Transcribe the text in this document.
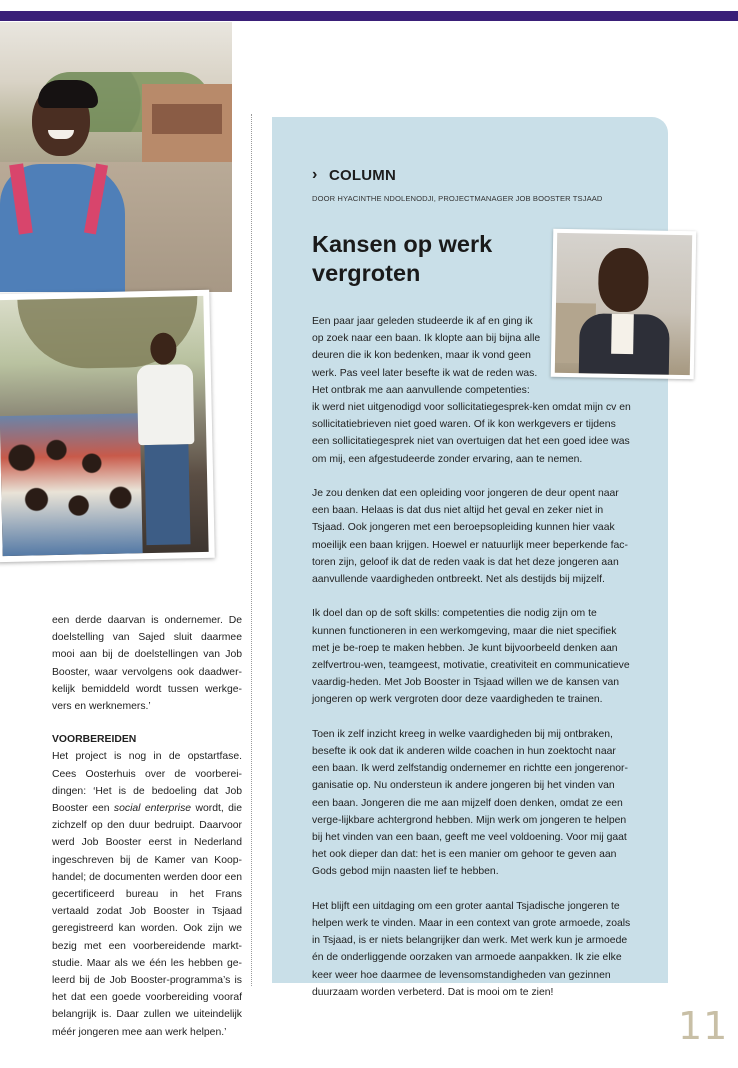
een derde daarvan is ondernemer. De doelstelling van Sajed sluit daarmee mooi aan bij de doelstellingen van Job Booster, waar vervolgens ook daadwer-kelijk bemiddeld wordt tussen werkge-vers en werknemers.’

VOORBEREIDEN

Het project is nog in de opstartfase. Cees Oosterhuis over de voorberei-dingen: ‘Het is de bedoeling dat Job Booster een social enterprise wordt, die zichzelf op den duur bedruipt. Daarvoor werd Job Booster eerst in Nederland ingeschreven bij de Kamer van Koop-handel; de documenten werden door een gecertificeerd bureau in het Frans vertaald zodat Job Booster in Tsjaad geregistreerd kan worden. Ook zijn we bezig met een voorbereidende markt-studie. Maar als we één les hebben ge-leerd bij de Job Booster-programma’s is het dat een goede voorbereiding vooraf belangrijk is. Daar zullen we uiteindelijk méér jongeren mee aan werk helpen.’

› COLUMN
DOOR HYACINTHE NDOLENODJI, PROJECTMANAGER JOB BOOSTER TSJAAD
Kansen op werk vergroten

Een paar jaar geleden studeerde ik af en ging ik op zoek naar een baan. Ik klopte aan bij bijna alle deuren die ik kon bedenken, maar ik vond geen werk. Pas veel later besefte ik wat de reden was. Het ontbrak me aan aanvullende competenties:

ik werd niet uitgenodigd voor sollicitatiegesprek-ken omdat mijn cv en sollicitatiebrieven niet goed waren. Of ik kon werkgevers er tijdens een sollicitatiegesprek niet van overtuigen dat het een goed idee was om mij, een afgestudeerde zonder ervaring, aan te nemen.

Je zou denken dat een opleiding voor jongeren de deur opent naar een baan. Helaas is dat dus niet altijd het geval en zeker niet in Tsjaad. Ook jongeren met een beroepsopleiding kunnen hier vaak moeilijk een baan krijgen. Hoewel er natuurlijk meer beperkende fac-toren zijn, geloof ik dat de reden vaak is dat het deze jongeren aan aanvullende vaardigheden ontbreekt. Net als destijds bij mijzelf.

Ik doel dan op de soft skills: competenties die nodig zijn om te kunnen functioneren in een werkomgeving, maar die niet specifiek met je be-roep te maken hebben. Je kunt bijvoorbeeld denken aan zelfvertrou-wen, teamgeest, motivatie, creativiteit en communicatieve vaardig-heden. Met Job Booster in Tsjaad willen we de kansen van jongeren op werk vergroten door deze vaardigheden te trainen.

Toen ik zelf inzicht kreeg in welke vaardigheden bij mij ontbraken, besefte ik ook dat ik anderen wilde coachen in hun zoektocht naar een baan. Ik werd zelfstandig ondernemer en richtte een jongerenor-ganisatie op. Nu ondersteun ik andere jongeren bij het vinden van een baan. Jongeren die me aan mijzelf doen denken, omdat ze een verge-lijkbare achtergrond hebben. Mijn werk om jongeren te helpen bij het vinden van een baan, geeft me veel voldoening. Voor mij gaat het ook dieper dan dat: het is een manier om gehoor te geven aan Gods gebod mijn naasten lief te hebben.

Het blijft een uitdaging om een groter aantal Tsjadische jongeren te helpen werk te vinden. Maar in een context van grote armoede, zoals in Tsjaad, is er niets belangrijker dan werk. Met werk kun je armoede én de onderliggende oorzaken van armoede aanpakken. Ik zie elke keer weer hoe daarmee de levensomstandigheden van gezinnen duurzaam worden verbeterd. Dat is mooi om te zien!

11
